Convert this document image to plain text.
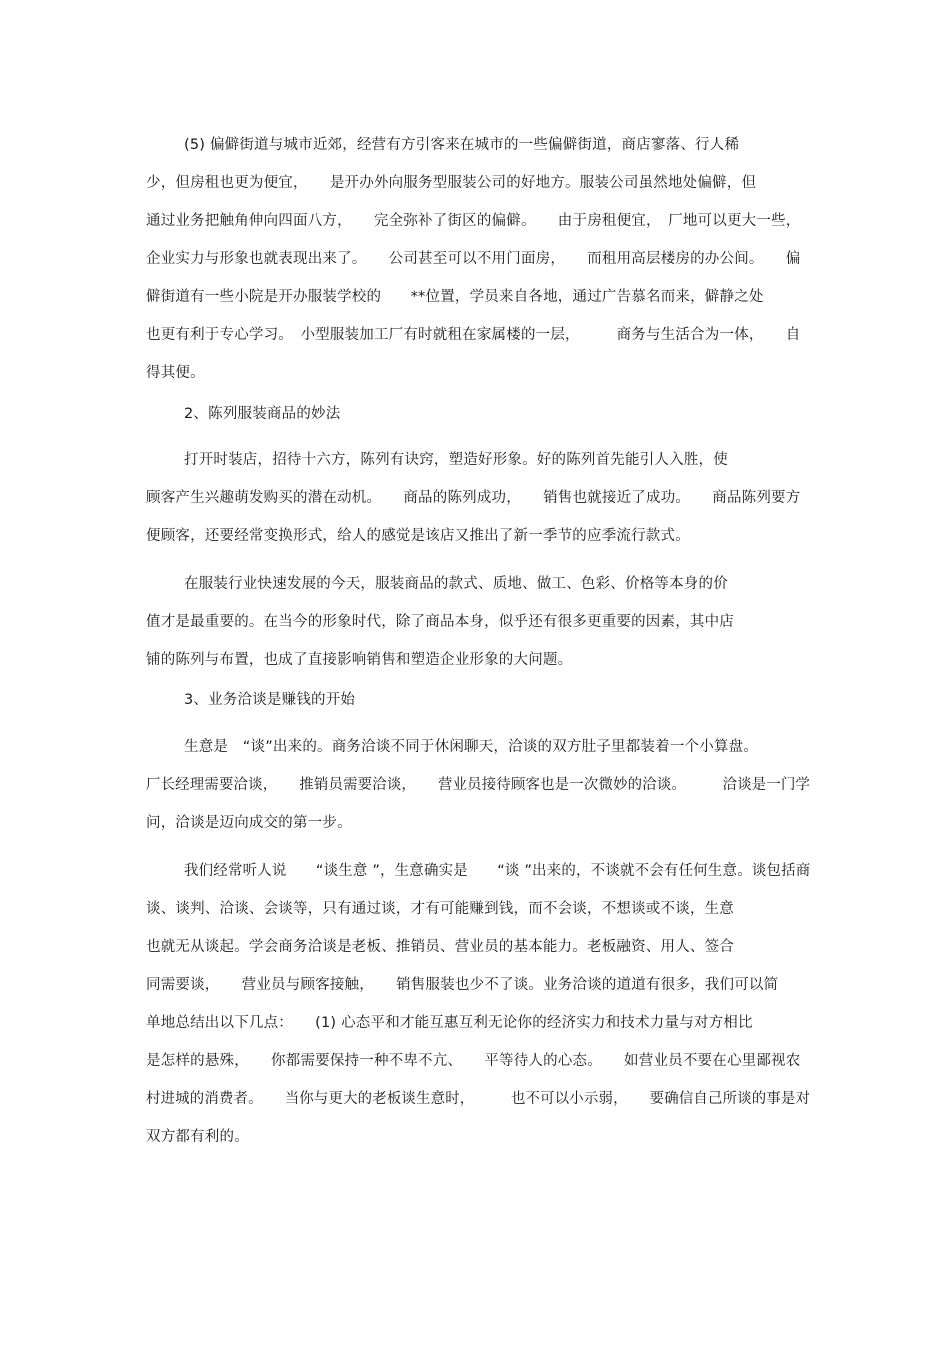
(5) 偏僻街道与城市近郊，经营有方引客来在城市的一些偏僻街道，商店寥落、行人稀
少，但房租也更为便宜，　　是开办外向服务型服装公司的好地方。服装公司虽然地处偏僻，但
通过业务把触角伸向四面八方，　　完全弥补了街区的偏僻。　　由于房租便宜，　厂地可以更大一些，
企业实力与形象也就表现出来了。　　公司甚至可以不用门面房，　　而租用高层楼房的办公间。　　偏
僻街道有一些小院是开办服装学校的　　**位置，学员来自各地，通过广告慕名而来，僻静之处
也更有利于专心学习。　小型服装加工厂有时就租在家属楼的一层，　　　商务与生活合为一体，　　自
得其便。
2、陈列服装商品的妙法
打开时装店，招待十六方，陈列有诀窍，塑造好形象。好的陈列首先能引人入胜，使
顾客产生兴趣萌发购买的潜在动机。　　商品的陈列成功，　　销售也就接近了成功。　　商品陈列要方
便顾客，还要经常变换形式，给人的感觉是该店又推出了新一季节的应季流行款式。
在服装行业快速发展的今天，服装商品的款式、质地、做工、色彩、价格等本身的价
值才是最重要的。在当今的形象时代，除了商品本身，似乎还有很多更重要的因素，其中店
铺的陈列与布置，也成了直接影响销售和塑造企业形象的大问题。
3、业务洽谈是赚钱的开始
生意是　“谈”出来的。商务洽谈不同于休闲聊天，洽谈的双方肚子里都装着一个小算盘。
厂长经理需要洽谈，　　推销员需要洽谈，　　营业员接待顾客也是一次微妙的洽谈。　　　洽谈是一门学
问，洽谈是迈向成交的第一步。
我们经常听人说　　“谈生意 ”，生意确实是　　“谈 ”出来的，不谈就不会有任何生意。谈包括商
谈、谈判、洽谈、会谈等，只有通过谈，才有可能赚到钱，而不会谈，不想谈或不谈，生意
也就无从谈起。学会商务洽谈是老板、推销员、营业员的基本能力。老板融资、用人、签合
同需要谈，　　营业员与顾客接触，　　销售服装也少不了谈。业务洽谈的道道有很多，我们可以简
单地总结出以下几点：　　(1) 心态平和才能互惠互利无论你的经济实力和技术力量与对方相比
是怎样的悬殊，　　你都需要保持一种不卑不亢、　　平等待人的心态。　　如营业员不要在心里鄙视农
村进城的消费者。　　当你与更大的老板谈生意时，　　　也不可以小示弱，　　要确信自己所谈的事是对
双方都有利的。
